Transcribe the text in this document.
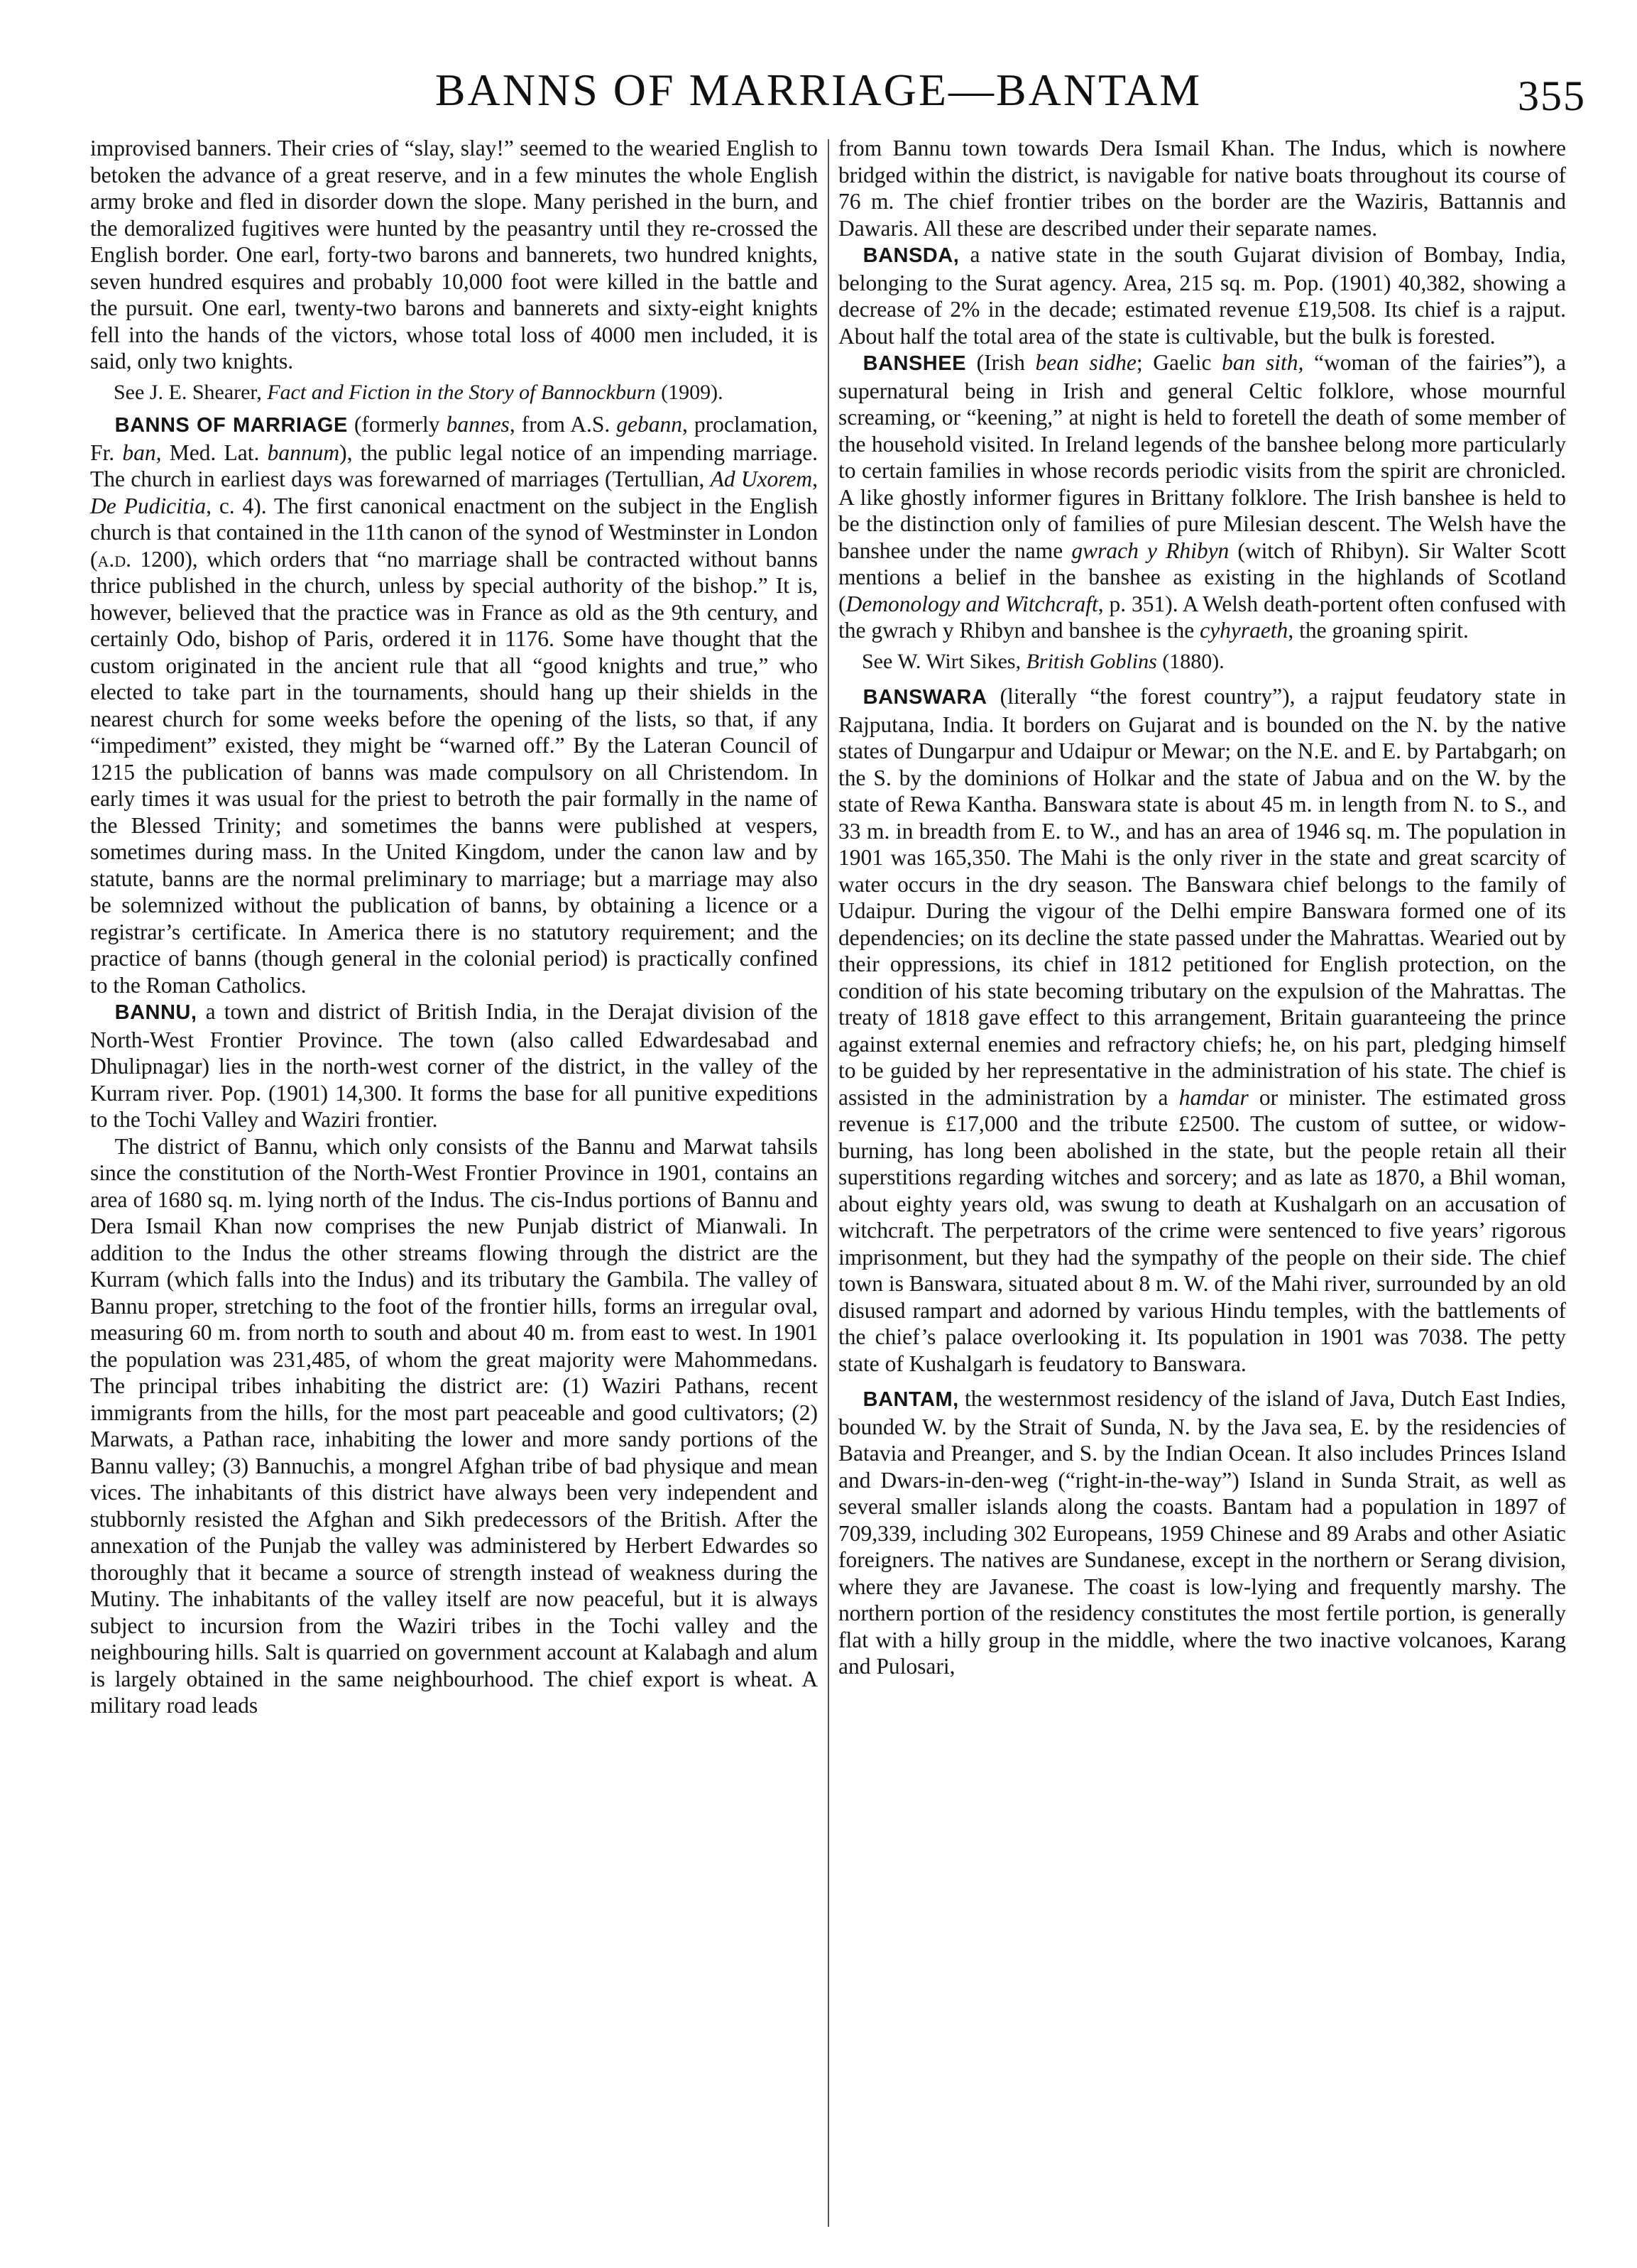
BANNS OF MARRIAGE—BANTAM	355

improvised banners. Their cries of “slay, slay!” seemed to the wearied English to betoken the advance of a great reserve, and in a few minutes the whole English army broke and fled in disorder down the slope. Many perished in the burn, and the demoralized fugitives were hunted by the peasantry until they re-crossed the English border. One earl, forty-two barons and bannerets, two hundred knights, seven hundred esquires and probably 10,000 foot were killed in the battle and the pursuit. One earl, twenty-two barons and bannerets and sixty-eight knights fell into the hands of the victors, whose total loss of 4000 men included, it is said, only two knights.

See J. E. Shearer, Fact and Fiction in the Story of Bannockburn (1909).

BANNS OF MARRIAGE (formerly bannes, from A.S. gebann, proclamation, Fr. ban, Med. Lat. bannum), the public legal notice of an impending marriage. The church in earliest days was forewarned of marriages (Tertullian, Ad Uxorem, De Pudicitia, c. 4). The first canonical enactment on the subject in the English church is that contained in the 11th canon of the synod of Westminster in London (a.d. 1200), which orders that “no marriage shall be contracted without banns thrice published in the church, unless by special authority of the bishop.” It is, however, believed that the practice was in France as old as the 9th century, and certainly Odo, bishop of Paris, ordered it in 1176. Some have thought that the custom originated in the ancient rule that all “good knights and true,” who elected to take part in the tournaments, should hang up their shields in the nearest church for some weeks before the opening of the lists, so that, if any “impediment” existed, they might be “warned off.” By the Lateran Council of 1215 the publication of banns was made compulsory on all Christendom. In early times it was usual for the priest to betroth the pair formally in the name of the Blessed Trinity; and sometimes the banns were published at vespers, sometimes during mass. In the United Kingdom, under the canon law and by statute, banns are the normal preliminary to marriage; but a marriage may also be solemnized without the publication of banns, by obtaining a licence or a registrar’s certificate. In America there is no statutory requirement; and the practice of banns (though general in the colonial period) is practically confined to the Roman Catholics.

BANNU, a town and district of British India, in the Derajat division of the North-West Frontier Province. The town (also called Edwardesabad and Dhulipnagar) lies in the north-west corner of the district, in the valley of the Kurram river. Pop. (1901) 14,300. It forms the base for all punitive expeditions to the Tochi Valley and Waziri frontier.

The district of Bannu, which only consists of the Bannu and Marwat tahsils since the constitution of the North-West Frontier Province in 1901, contains an area of 1680 sq. m. lying north of the Indus. The cis-Indus portions of Bannu and Dera Ismail Khan now comprises the new Punjab district of Mianwali. In addition to the Indus the other streams flowing through the district are the Kurram (which falls into the Indus) and its tributary the Gambila. The valley of Bannu proper, stretching to the foot of the frontier hills, forms an irregular oval, measuring 60 m. from north to south and about 40 m. from east to west. In 1901 the population was 231,485, of whom the great majority were Mahommedans. The principal tribes inhabiting the district are: (1) Waziri Pathans, recent immigrants from the hills, for the most part peaceable and good cultivators; (2) Marwats, a Pathan race, inhabiting the lower and more sandy portions of the Bannu valley; (3) Bannuchis, a mongrel Afghan tribe of bad physique and mean vices. The inhabitants of this district have always been very independent and stubbornly resisted the Afghan and Sikh predecessors of the British. After the annexation of the Punjab the valley was administered by Herbert Edwardes so thoroughly that it became a source of strength instead of weakness during the Mutiny. The inhabitants of the valley itself are now peaceful, but it is always subject to incursion from the Waziri tribes in the Tochi valley and the neighbouring hills. Salt is quarried on government account at Kalabagh and alum is largely obtained in the same neighbourhood. The chief export is wheat. A military road leads

from Bannu town towards Dera Ismail Khan. The Indus, which is nowhere bridged within the district, is navigable for native boats throughout its course of 76 m. The chief frontier tribes on the border are the Waziris, Battannis and Dawaris. All these are described under their separate names.

BANSDA, a native state in the south Gujarat division of Bombay, India, belonging to the Surat agency. Area, 215 sq. m. Pop. (1901) 40,382, showing a decrease of 2% in the decade; estimated revenue £19,508. Its chief is a rajput. About half the total area of the state is cultivable, but the bulk is forested.

BANSHEE (Irish bean sidhe; Gaelic ban sith, “woman of the fairies”), a supernatural being in Irish and general Celtic folklore, whose mournful screaming, or “keening,” at night is held to foretell the death of some member of the household visited. In Ireland legends of the banshee belong more particularly to certain families in whose records periodic visits from the spirit are chronicled. A like ghostly informer figures in Brittany folklore. The Irish banshee is held to be the distinction only of families of pure Milesian descent. The Welsh have the banshee under the name gwrach y Rhibyn (witch of Rhibyn). Sir Walter Scott mentions a belief in the banshee as existing in the highlands of Scotland (Demonology and Witchcraft, p. 351). A Welsh death-portent often confused with the gwrach y Rhibyn and banshee is the cyhyraeth, the groaning spirit.

See W. Wirt Sikes, British Goblins (1880).

BANSWARA (literally “the forest country”), a rajput feudatory state in Rajputana, India. It borders on Gujarat and is bounded on the N. by the native states of Dungarpur and Udaipur or Mewar; on the N.E. and E. by Partabgarh; on the S. by the dominions of Holkar and the state of Jabua and on the W. by the state of Rewa Kantha. Banswara state is about 45 m. in length from N. to S., and 33 m. in breadth from E. to W., and has an area of 1946 sq. m. The population in 1901 was 165,350. The Mahi is the only river in the state and great scarcity of water occurs in the dry season. The Banswara chief belongs to the family of Udaipur. During the vigour of the Delhi empire Banswara formed one of its dependencies; on its decline the state passed under the Mahrattas. Wearied out by their oppressions, its chief in 1812 petitioned for English protection, on the condition of his state becoming tributary on the expulsion of the Mahrattas. The treaty of 1818 gave effect to this arrangement, Britain guaranteeing the prince against external enemies and refractory chiefs; he, on his part, pledging himself to be guided by her representative in the administration of his state. The chief is assisted in the administration by a hamdar or minister. The estimated gross revenue is £17,000 and the tribute £2500. The custom of suttee, or widow-burning, has long been abolished in the state, but the people retain all their superstitions regarding witches and sorcery; and as late as 1870, a Bhil woman, about eighty years old, was swung to death at Kushalgarh on an accusation of witchcraft. The perpetrators of the crime were sentenced to five years’ rigorous imprisonment, but they had the sympathy of the people on their side. The chief town is Banswara, situated about 8 m. W. of the Mahi river, surrounded by an old disused rampart and adorned by various Hindu temples, with the battlements of the chief’s palace overlooking it. Its population in 1901 was 7038. The petty state of Kushalgarh is feudatory to Banswara.

BANTAM, the westernmost residency of the island of Java, Dutch East Indies, bounded W. by the Strait of Sunda, N. by the Java sea, E. by the residencies of Batavia and Preanger, and S. by the Indian Ocean. It also includes Princes Island and Dwars-in-den-weg (“right-in-the-way”) Island in Sunda Strait, as well as several smaller islands along the coasts. Bantam had a population in 1897 of 709,339, including 302 Europeans, 1959 Chinese and 89 Arabs and other Asiatic foreigners. The natives are Sundanese, except in the northern or Serang division, where they are Javanese. The coast is low-lying and frequently marshy. The northern portion of the residency constitutes the most fertile portion, is generally flat with a hilly group in the middle, where the two inactive volcanoes, Karang and Pulosari,
